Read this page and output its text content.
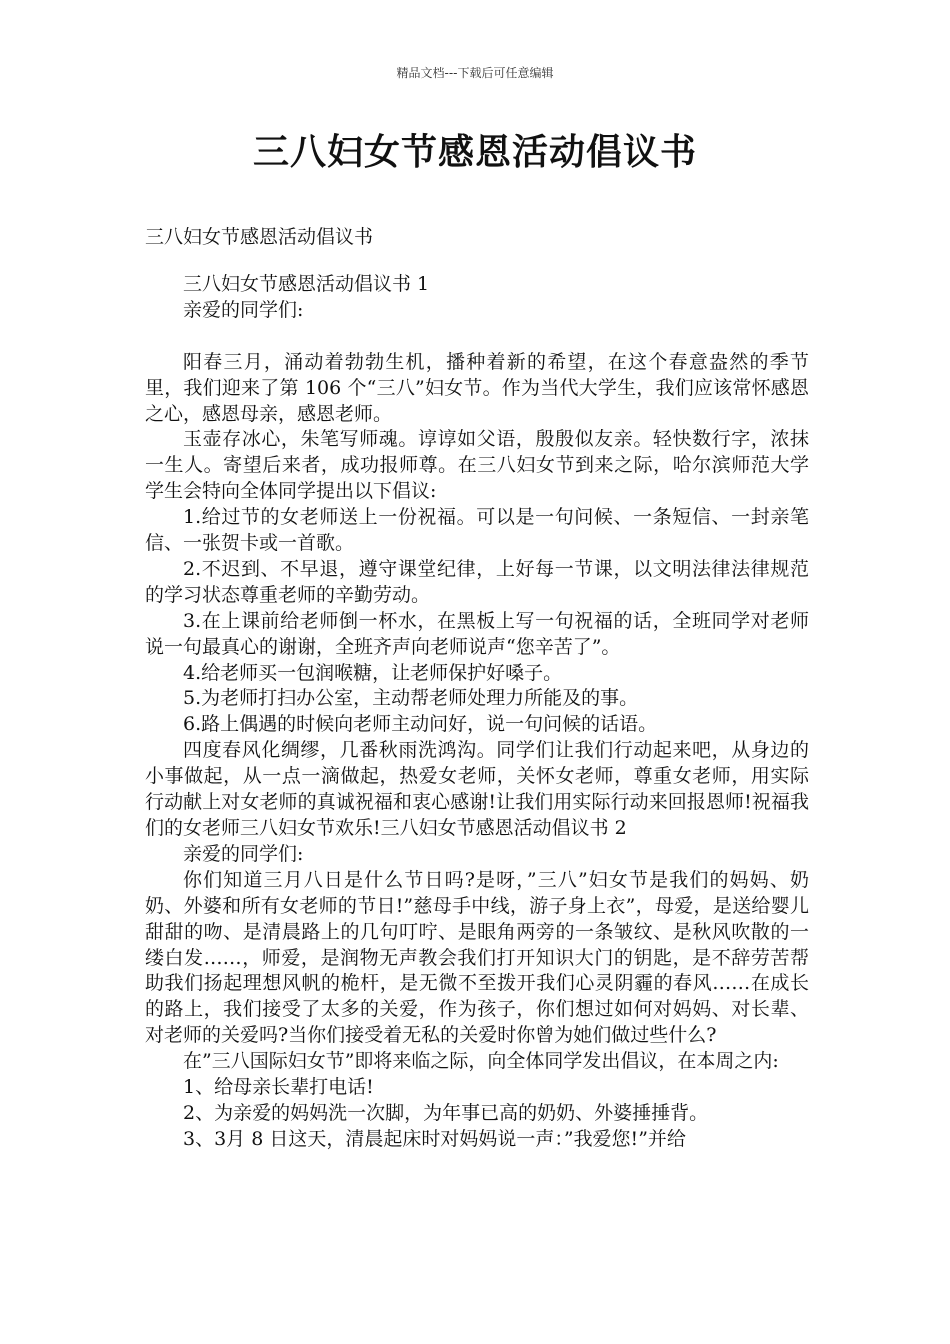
精品文档---下载后可任意编辑
三八妇女节感恩活动倡议书
三八妇女节感恩活动倡议书

三八妇女节感恩活动倡议书 1

亲爱的同学们:

阳春三月，涌动着勃勃生机，播种着新的希望，在这个春意盎然的季节里，我们迎来了第 106 个“三八”妇女节。作为当代大学生，我们应该常怀感恩之心，感恩母亲，感恩老师。

玉壶存冰心，朱笔写师魂。谆谆如父语，殷殷似友亲。轻快数行字，浓抹一生人。寄望后来者，成功报师尊。在三八妇女节到来之际，哈尔滨师范大学学生会特向全体同学提出以下倡议:

1.给过节的女老师送上一份祝福。可以是一句问候、一条短信、一封亲笔信、一张贺卡或一首歌。

2.不迟到、不早退，遵守课堂纪律，上好每一节课，以文明法律法律规范的学习状态尊重老师的辛勤劳动。

3.在上课前给老师倒一杯水，在黑板上写一句祝福的话，全班同学对老师说一句最真心的谢谢，全班齐声向老师说声“您辛苦了”。

4.给老师买一包润喉糖，让老师保护好嗓子。

5.为老师打扫办公室，主动帮老师处理力所能及的事。

6.路上偶遇的时候向老师主动问好，说一句问候的话语。

四度春风化绸缪，几番秋雨洗鸿沟。同学们让我们行动起来吧，从身边的小事做起，从一点一滴做起，热爱女老师，关怀女老师，尊重女老师，用实际行动献上对女老师的真诚祝福和衷心感谢!让我们用实际行动来回报恩师!祝福我们的女老师三八妇女节欢乐!三八妇女节感恩活动倡议书 2

亲爱的同学们:

你们知道三月八日是什么节日吗?是呀，”三八”妇女节是我们的妈妈、奶奶、外婆和所有女老师的节日!”慈母手中线，游子身上衣”，母爱，是送给婴儿甜甜的吻、是清晨路上的几句叮咛、是眼角两旁的一条皱纹、是秋风吹散的一缕白发……，师爱，是润物无声教会我们打开知识大门的钥匙，是不辞劳苦帮助我们扬起理想风帆的桅杆，是无微不至拨开我们心灵阴霾的春风……在成长的路上，我们接受了太多的关爱，作为孩子，你们想过如何对妈妈、对长辈、对老师的关爱吗?当你们接受着无私的关爱时你曾为她们做过些什么?

在”三八国际妇女节”即将来临之际，向全体同学发出倡议，在本周之内:

1、给母亲长辈打电话!

2、为亲爱的妈妈洗一次脚，为年事已高的奶奶、外婆捶捶背。

3、3月 8 日这天，清晨起床时对妈妈说一声：”我爱您!”并给
